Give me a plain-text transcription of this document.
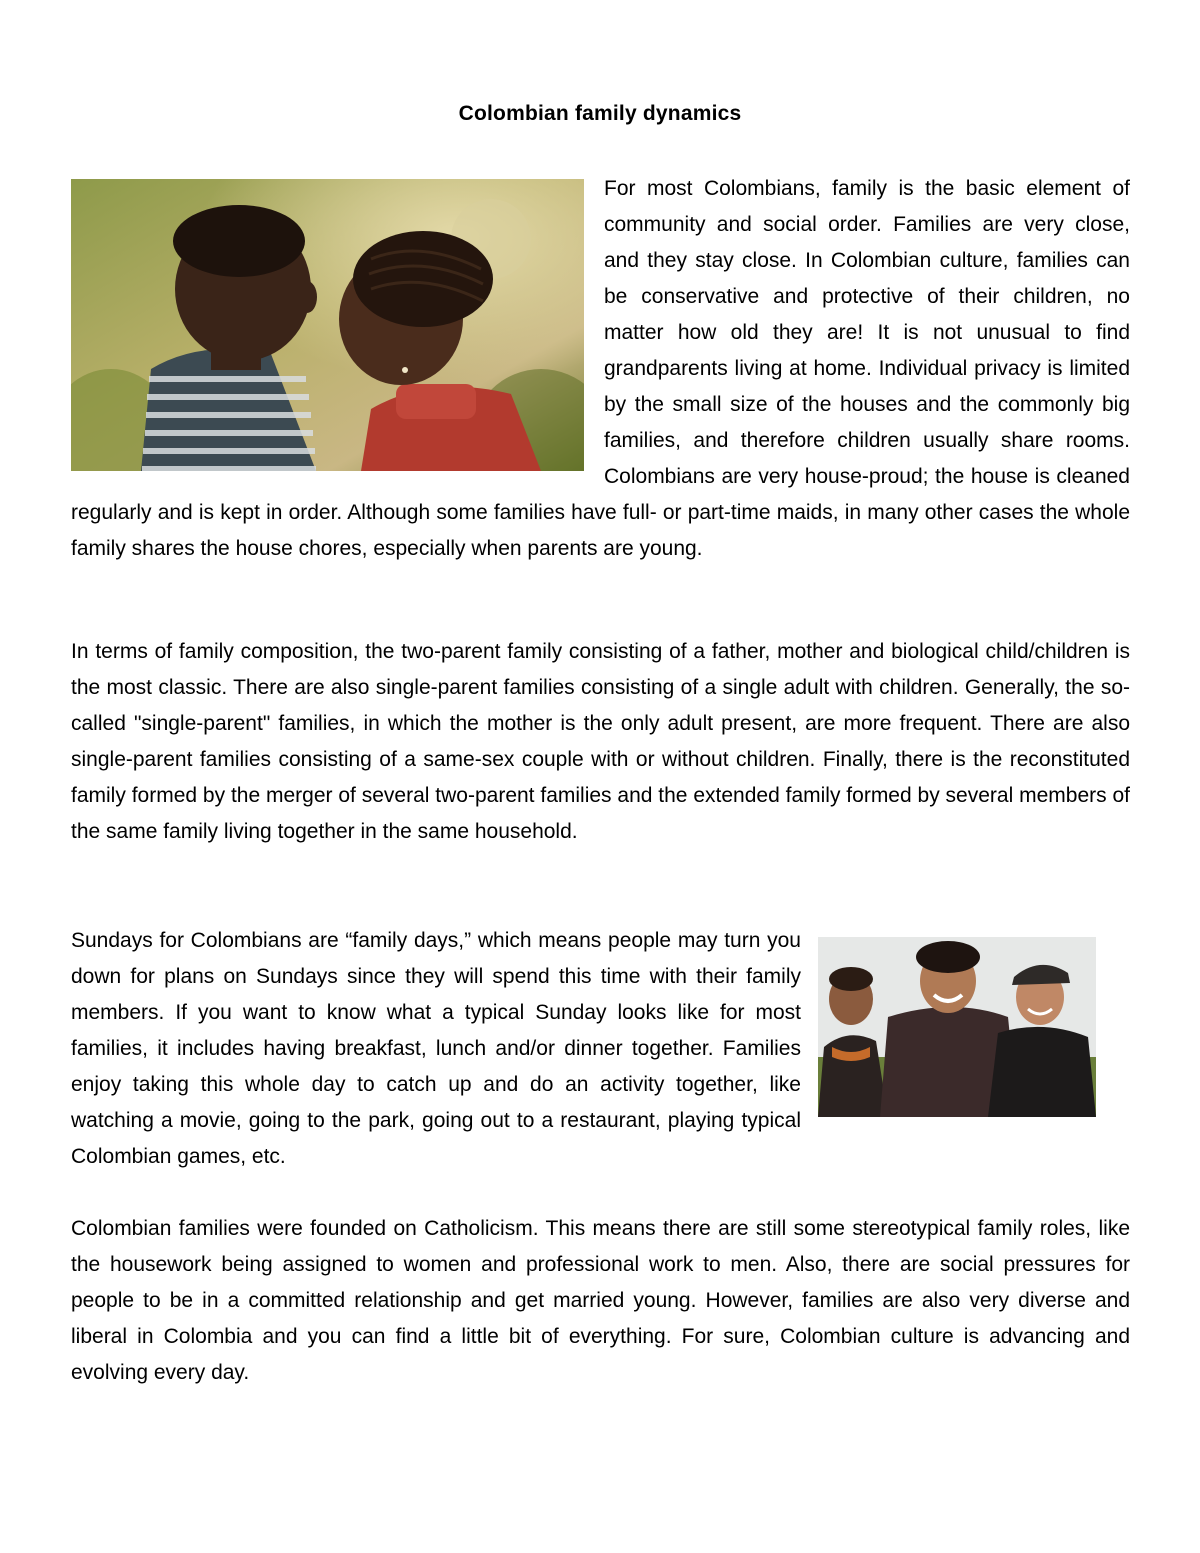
Colombian family dynamics
For most Colombians, family is the basic element of community and social order. Families are very close, and they stay close. In Colombian culture, families can be conservative and protective of their children, no matter how old they are! It is not unusual to find grandparents living at home. Individual privacy is limited by the small size of the houses and the commonly big families, and therefore children usually share rooms. Colombians are very house-proud; the house is cleaned regularly and is kept in order. Although some families have full- or part-time maids, in many other cases the whole family shares the house chores, especially when parents are young.
In terms of family composition, the two-parent family consisting of a father, mother and biological child/children is the most classic. There are also single-parent families consisting of a single adult with children. Generally, the so-called "single-parent" families, in which the mother is the only adult present, are more frequent. There are also single-parent families consisting of a same-sex couple with or without children. Finally, there is the reconstituted family formed by the merger of several two-parent families and the extended family formed by several members of the same family living together in the same household.
Sundays for Colombians are “family days,” which means people may turn you down for plans on Sundays since they will spend this time with their family members. If you want to know what a typical Sunday looks like for most families, it includes having breakfast, lunch and/or dinner together. Families enjoy taking this whole day to catch up and do an activity together, like watching a movie, going to the park, going out to a restaurant, playing typical Colombian games, etc.
Colombian families were founded on Catholicism. This means there are still some stereotypical family roles, like the housework being assigned to women and professional work to men. Also, there are social pressures for people to be in a committed relationship and get married young. However, families are also very diverse and liberal in Colombia and you can find a little bit of everything. For sure, Colombian culture is advancing and evolving every day.
